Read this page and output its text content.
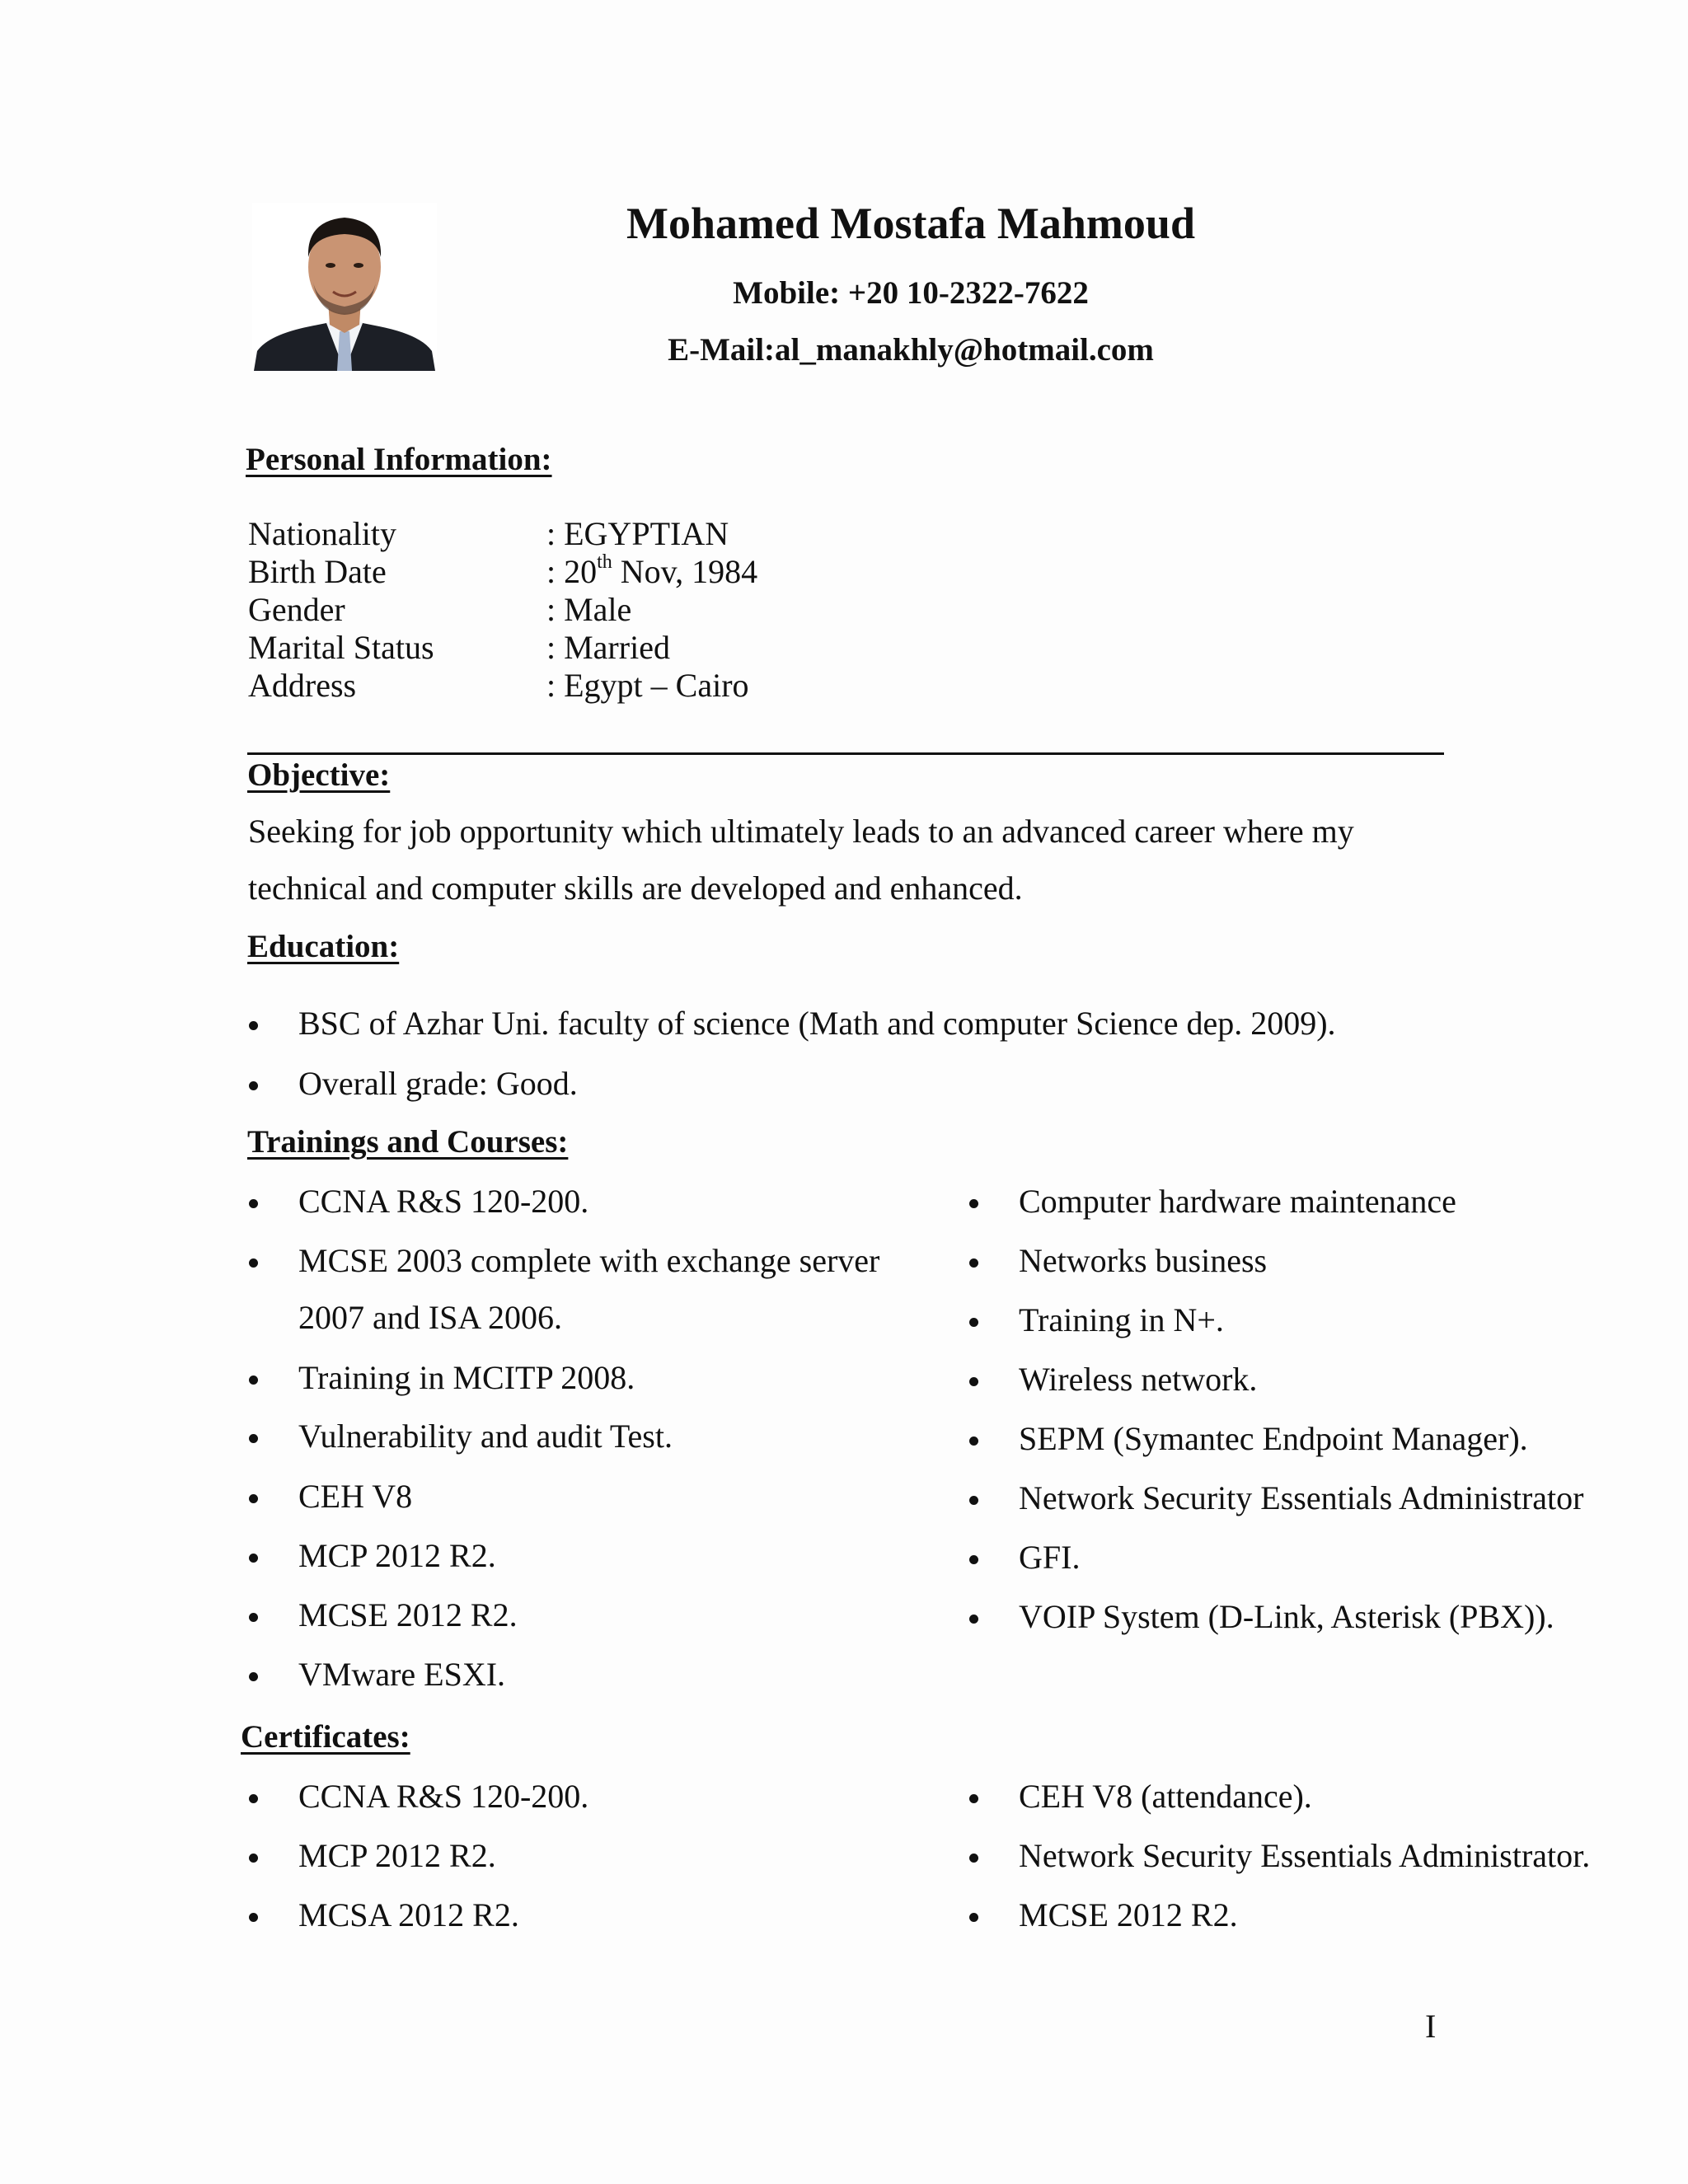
Mohamed Mostafa Mahmoud
Mobile: +20 10-2322-7622
E-Mail:al_manakhly@hotmail.com
Personal Information:
Nationality	: EGYPTIAN
Birth Date	: 20th Nov, 1984
Gender	: Male
Marital Status	: Married
Address	: Egypt – Cairo
Objective:
Seeking for job opportunity which ultimately leads to an advanced career where my
technical and computer skills are developed and enhanced.
Education:
BSC of Azhar Uni. faculty of science (Math and computer Science dep. 2009).
Overall grade: Good.
Trainings and Courses:
CCNA R&S 120-200.
MCSE 2003 complete with exchange server
2007 and ISA 2006.
Training in MCITP 2008.
Vulnerability and audit Test.
CEH V8
MCP 2012 R2.
MCSE 2012 R2.
VMware ESXI.
Computer hardware maintenance
Networks business
Training in N+.
Wireless network.
SEPM (Symantec Endpoint Manager).
Network Security Essentials Administrator
GFI.
VOIP System (D-Link, Asterisk (PBX)).
Certificates:
CCNA R&S 120-200.
MCP 2012 R2.
MCSA 2012 R2.
CEH V8 (attendance).
Network Security Essentials Administrator.
MCSE 2012 R2.
I
